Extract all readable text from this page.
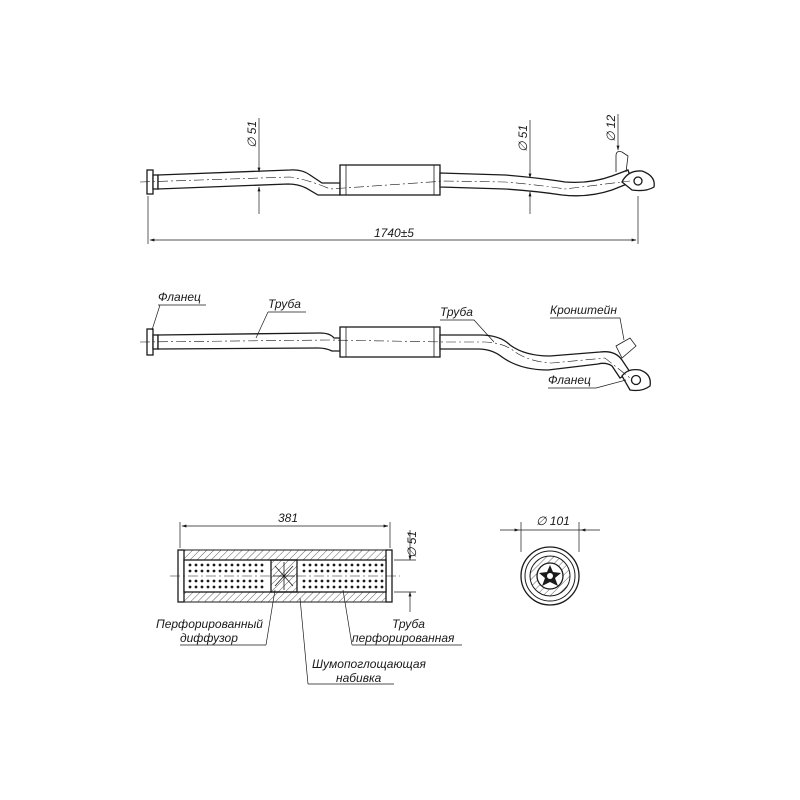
∅ 51	∅ 51	∅ 12
1740±5
Фланец	Труба
Труба	Кронштейн
Фланец
381
∅ 51
Перфорированный
диффузор
Труба
перфорированная
Шумопоглощающая
набивка
∅ 101
